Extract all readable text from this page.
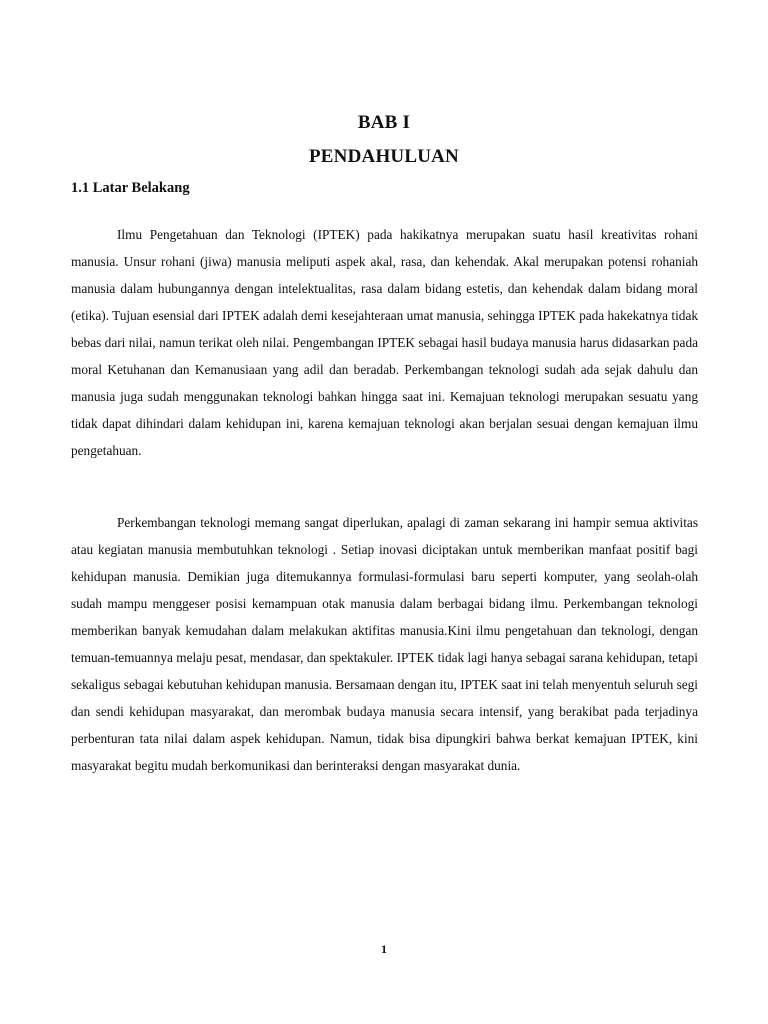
BAB I
PENDAHULUAN
1.1 Latar Belakang

Ilmu Pengetahuan dan Teknologi (IPTEK) pada hakikatnya merupakan suatu hasil kreativitas rohani manusia. Unsur rohani (jiwa) manusia meliputi aspek akal, rasa, dan kehendak. Akal merupakan potensi rohaniah manusia dalam hubungannya dengan intelektualitas, rasa dalam bidang estetis, dan kehendak dalam bidang moral (etika). Tujuan esensial dari IPTEK adalah demi kesejahteraan umat manusia, sehingga IPTEK pada hakekatnya tidak bebas dari nilai, namun terikat oleh nilai. Pengembangan IPTEK sebagai hasil budaya manusia harus didasarkan pada moral Ketuhanan dan Kemanusiaan yang adil dan beradab. Perkembangan teknologi sudah ada sejak dahulu dan manusia juga sudah menggunakan teknologi bahkan hingga saat ini. Kemajuan teknologi merupakan sesuatu yang tidak dapat dihindari dalam kehidupan ini, karena kemajuan teknologi akan berjalan sesuai dengan kemajuan ilmu pengetahuan.

Perkembangan teknologi memang sangat diperlukan, apalagi di zaman sekarang ini hampir semua aktivitas atau kegiatan manusia membutuhkan teknologi . Setiap inovasi diciptakan untuk memberikan manfaat positif bagi kehidupan manusia. Demikian juga ditemukannya formulasi-formulasi baru seperti komputer, yang seolah-olah sudah mampu menggeser posisi kemampuan otak manusia dalam berbagai bidang ilmu. Perkembangan teknologi memberikan banyak kemudahan dalam melakukan aktifitas manusia.Kini ilmu pengetahuan dan teknologi, dengan temuan-temuannya melaju pesat, mendasar, dan spektakuler. IPTEK tidak lagi hanya sebagai sarana kehidupan, tetapi sekaligus sebagai kebutuhan kehidupan manusia. Bersamaan dengan itu, IPTEK saat ini telah menyentuh seluruh segi dan sendi kehidupan masyarakat, dan merombak budaya manusia secara intensif, yang berakibat pada terjadinya perbenturan tata nilai dalam aspek kehidupan. Namun, tidak bisa dipungkiri bahwa berkat kemajuan IPTEK, kini masyarakat begitu mudah berkomunikasi dan berinteraksi dengan masyarakat dunia.

1
